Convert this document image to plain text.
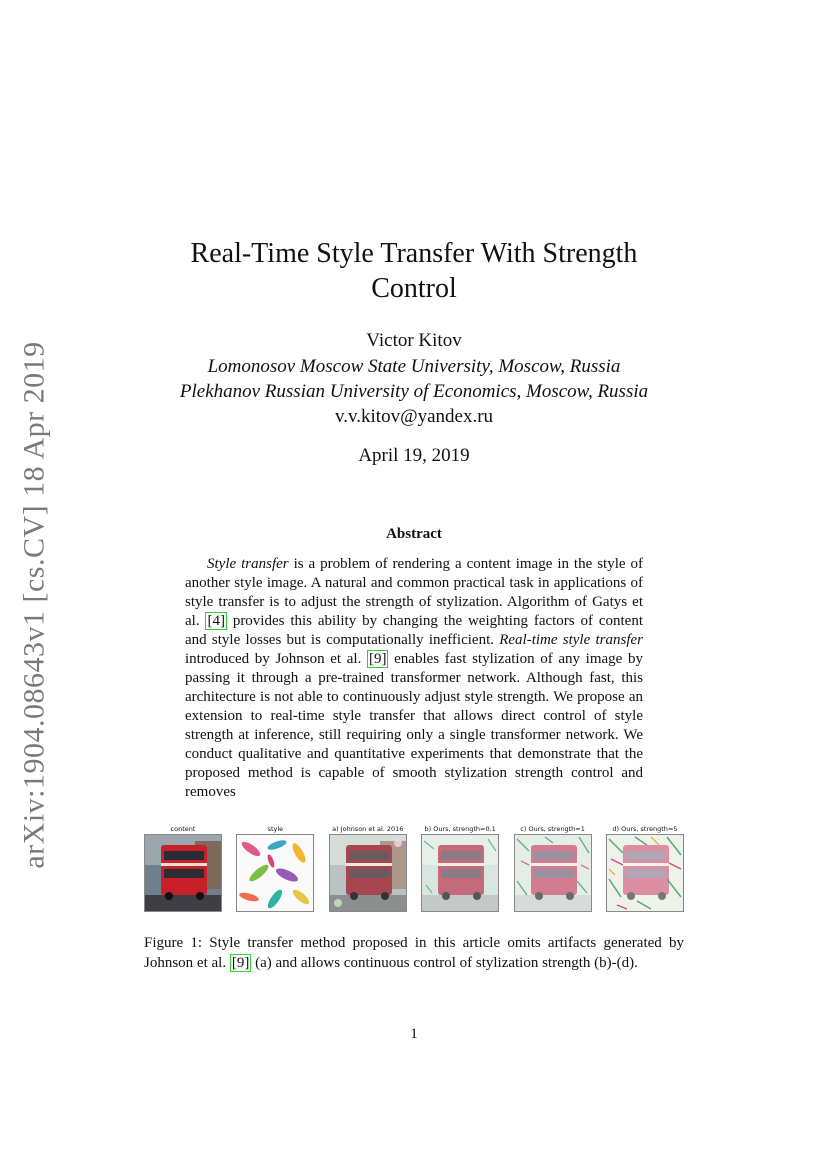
arXiv:1904.08643v1 [cs.CV] 18 Apr 2019
Real-Time Style Transfer With Strength
Control
Victor Kitov
Lomonosov Moscow State University, Moscow, Russia
Plekhanov Russian University of Economics, Moscow, Russia
v.v.kitov@yandex.ru
April 19, 2019
Abstract
Style transfer is a problem of rendering a content image in the style of another style image. A natural and common practical task in applications of style transfer is to adjust the strength of stylization. Algorithm of Gatys et al. [4] provides this ability by changing the weighting factors of content and style losses but is computationally inefficient. Real-time style transfer introduced by Johnson et al. [9] enables fast stylization of any image by passing it through a pre-trained transformer network. Although fast, this architecture is not able to continuously adjust style strength. We propose an extension to real-time style transfer that allows direct control of style strength at inference, still requiring only a single transformer network. We conduct qualitative and quantitative experiments that demonstrate that the proposed method is capable of smooth stylization strength control and removes
content	style	a) Johnson et al. 2016	b) Ours, strength=0.1	c) Ours, strength=1	d) Ours, strength=5
Figure 1: Style transfer method proposed in this article omits artifacts generated by Johnson et al. [9] (a) and allows continuous control of stylization strength (b)-(d).
1
